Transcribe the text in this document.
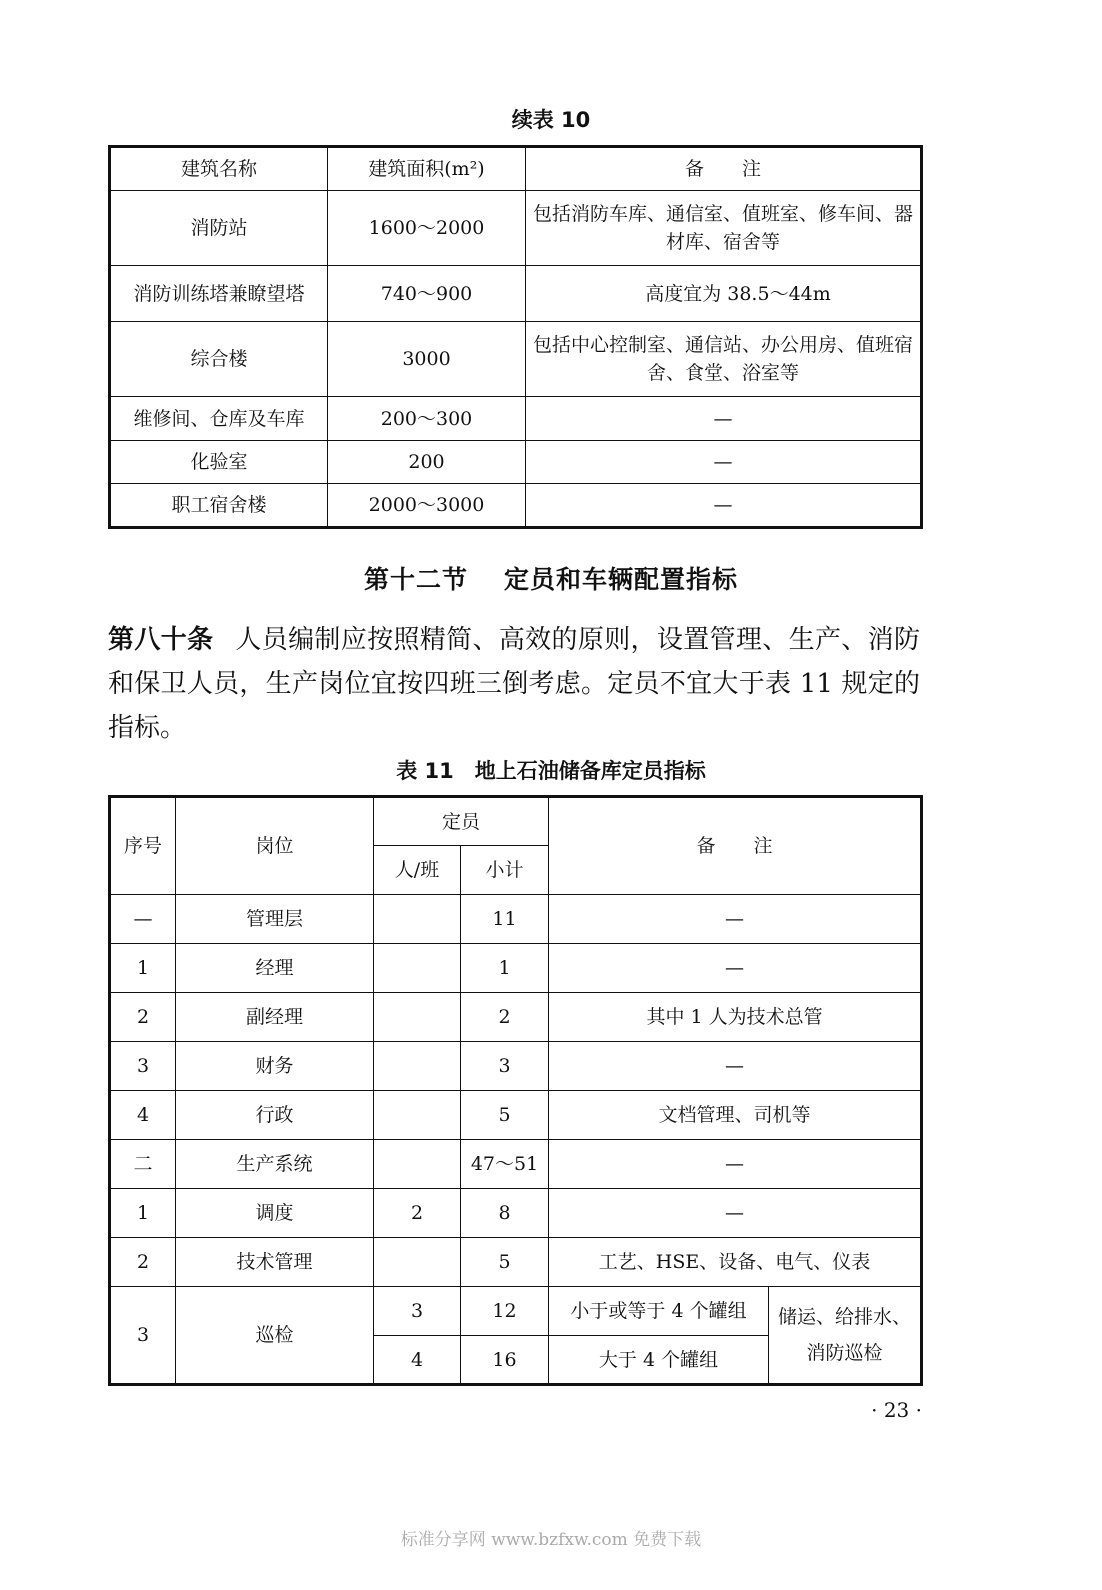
续表 10
建筑名称	建筑面积(m²)	备　　注
消防站	1600～2000	包括消防车库、通信室、值班室、修车间、器材库、宿舍等
消防训练塔兼瞭望塔	740～900	高度宜为 38.5～44m
综合楼	3000	包括中心控制室、通信站、办公用房、值班宿舍、食堂、浴室等
维修间、仓库及车库	200～300	—
化验室	200	—
职工宿舍楼	2000～3000	—
第十二节 定员和车辆配置指标
第八十条 人员编制应按照精简、高效的原则，设置管理、生产、消防和保卫人员，生产岗位宜按四班三倒考虑。定员不宜大于表 11 规定的指标。
表 11　地上石油储备库定员指标
序号	岗位	定员		备　　注	
		人/班	小计		
—	管理层		11	—	
1	经理		1	—	
2	副经理		2	其中 1 人为技术总管	
3	财务		3	—	
4	行政		5	文档管理、司机等	
二	生产系统		47～51	—	
1	调度	2	8	—	
2	技术管理		5	工艺、HSE、设备、电气、仪表	
3	巡检	3	12	小于或等于 4 个罐组	储运、给排水、消防巡检
		4	16	大于 4 个罐组	
· 23 ·
标准分享网 www.bzfxw.com 免费下载
